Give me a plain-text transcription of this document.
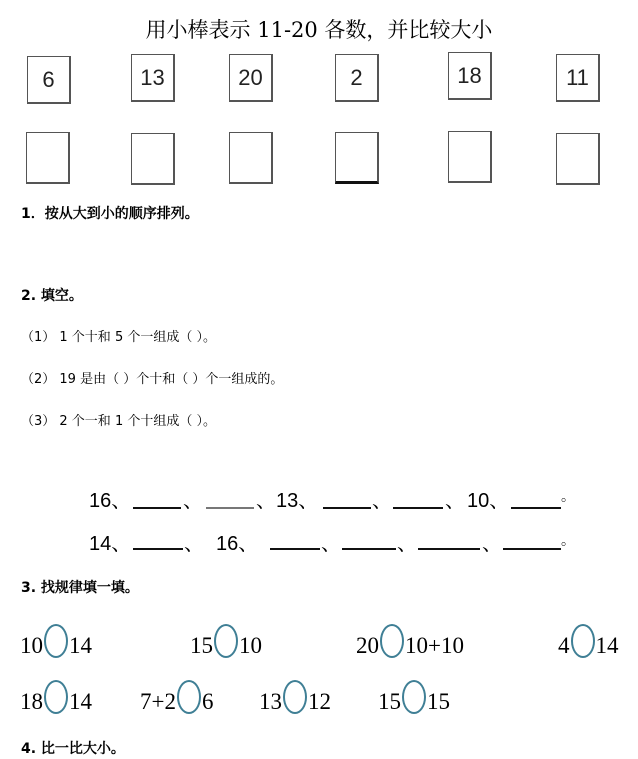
用小棒表示 11-20 各数，并比较大小
6	13	20	2	18	11
1．按从大到小的顺序排列。
2. 填空。
（1） 1 个十和 5 个一组成（ ）。
（2） 19 是由（ ）个十和（ ）个一组成的。
（3） 2 个一和 1 个十组成（ ）。
16、	、	、 13、	、	、 10、	。
14、	、 16、	、	、	、	。
3. 找规律填一填。
10 14	15 10	20 10+10	4 14
18 14 7+2 6 13 12 15 15
4. 比一比大小。
